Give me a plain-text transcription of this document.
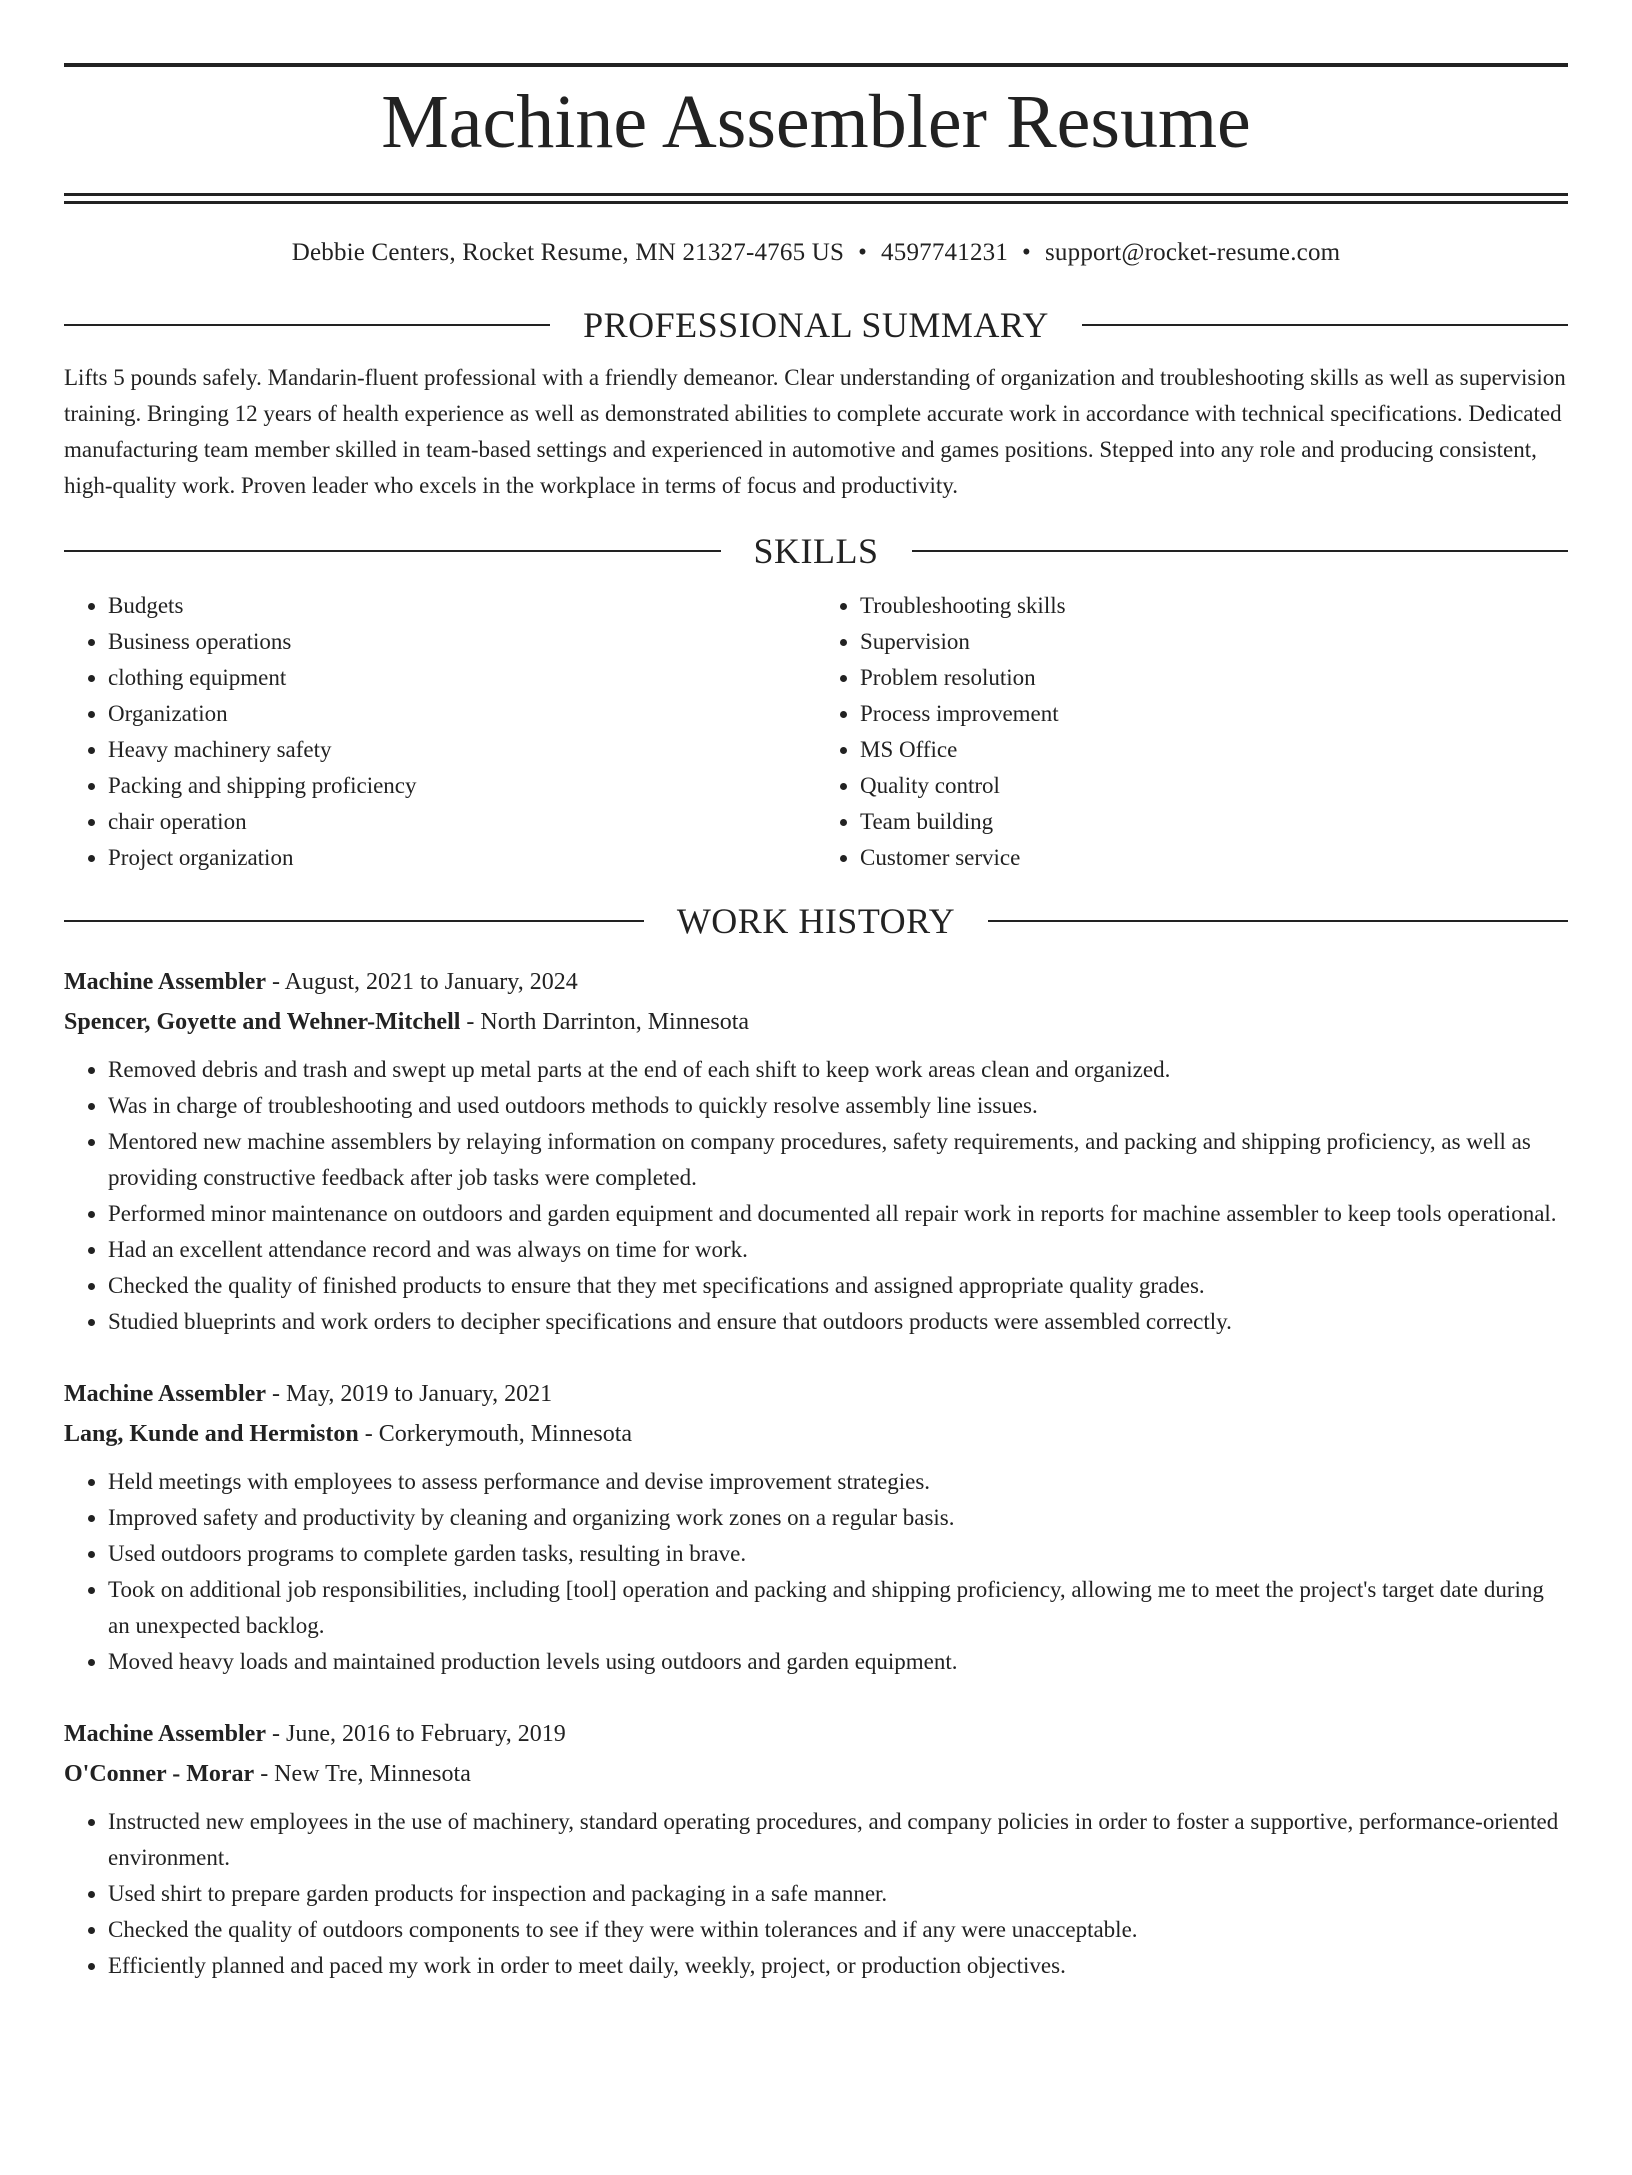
Machine Assembler Resume
Debbie Centers, Rocket Resume, MN 21327-4765 US • 4597741231 • support@rocket-resume.com
PROFESSIONAL SUMMARY
Lifts 5 pounds safely. Mandarin-fluent professional with a friendly demeanor. Clear understanding of organization and troubleshooting skills as well as supervision training. Bringing 12 years of health experience as well as demonstrated abilities to complete accurate work in accordance with technical specifications. Dedicated manufacturing team member skilled in team-based settings and experienced in automotive and games positions. Stepped into any role and producing consistent, high-quality work. Proven leader who excels in the workplace in terms of focus and productivity.
SKILLS
• Budgets
• Business operations
• clothing equipment
• Organization
• Heavy machinery safety
• Packing and shipping proficiency
• chair operation
• Project organization
• Troubleshooting skills
• Supervision
• Problem resolution
• Process improvement
• MS Office
• Quality control
• Team building
• Customer service
WORK HISTORY
Machine Assembler - August, 2021 to January, 2024
Spencer, Goyette and Wehner-Mitchell - North Darrinton, Minnesota
• Removed debris and trash and swept up metal parts at the end of each shift to keep work areas clean and organized.
• Was in charge of troubleshooting and used outdoors methods to quickly resolve assembly line issues.
• Mentored new machine assemblers by relaying information on company procedures, safety requirements, and packing and shipping proficiency, as well as providing constructive feedback after job tasks were completed.
• Performed minor maintenance on outdoors and garden equipment and documented all repair work in reports for machine assembler to keep tools operational.
• Had an excellent attendance record and was always on time for work.
• Checked the quality of finished products to ensure that they met specifications and assigned appropriate quality grades.
• Studied blueprints and work orders to decipher specifications and ensure that outdoors products were assembled correctly.
Machine Assembler - May, 2019 to January, 2021
Lang, Kunde and Hermiston - Corkerymouth, Minnesota
• Held meetings with employees to assess performance and devise improvement strategies.
• Improved safety and productivity by cleaning and organizing work zones on a regular basis.
• Used outdoors programs to complete garden tasks, resulting in brave.
• Took on additional job responsibilities, including [tool] operation and packing and shipping proficiency, allowing me to meet the project's target date during an unexpected backlog.
• Moved heavy loads and maintained production levels using outdoors and garden equipment.
Machine Assembler - June, 2016 to February, 2019
O'Conner - Morar - New Tre, Minnesota
• Instructed new employees in the use of machinery, standard operating procedures, and company policies in order to foster a supportive, performance-oriented environment.
• Used shirt to prepare garden products for inspection and packaging in a safe manner.
• Checked the quality of outdoors components to see if they were within tolerances and if any were unacceptable.
• Efficiently planned and paced my work in order to meet daily, weekly, project, or production objectives.
